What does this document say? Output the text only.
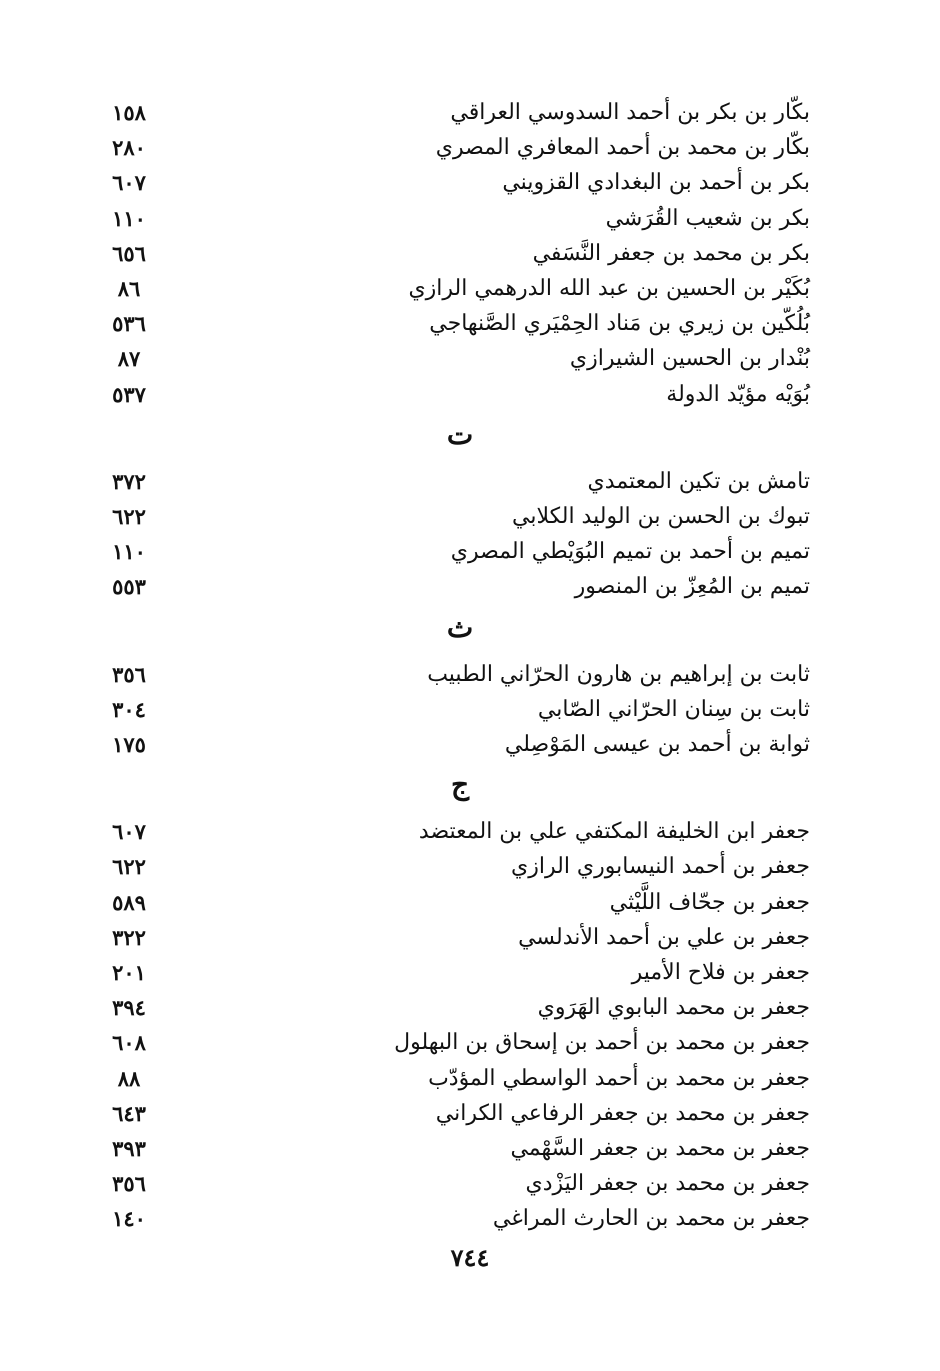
بكّار بن بكر بن أحمد السدوسي العراقي
١٥٨
بكّار بن محمد بن أحمد المعافري المصري
٢٨٠
بكر بن أحمد بن البغدادي القزويني
٦٠٧
بكر بن شعيب القُرَشي
١١٠
بكر بن محمد بن جعفر النَّسَفي
٦٥٦
بُكَيْر بن الحسين بن عبد الله الدرهمي الرازي
٨٦
بُلُكّين بن زيري بن مَناد الحِمْيَري الصَّنهاجي
٥٣٦
بُنْدار بن الحسين الشيرازي
٨٧
بُوَيْه مؤيّد الدولة
٥٣٧
ت
تامش بن تكين المعتمدي
٣٧٢
تبوك بن الحسن بن الوليد الكلابي
٦٢٢
تميم بن أحمد بن تميم البُوَيْطي المصري
١١٠
تميم بن المُعِزّ بن المنصور
٥٥٣
ث
ثابت بن إبراهيم بن هارون الحرّاني الطبيب
٣٥٦
ثابت بن سِنان الحرّاني الصّابي
٣٠٤
ثوابة بن أحمد بن عيسى المَوْصِلي
١٧٥
ج
جعفر ابن الخليفة المكتفي علي بن المعتضد
٦٠٧
جعفر بن أحمد النيسابوري الرازي
٦٢٢
جعفر بن جحّاف اللَّيْثي
٥٨٩
جعفر بن علي بن أحمد الأندلسي
٣٢٢
جعفر بن فلاح الأمير
٢٠١
جعفر بن محمد البابوي الهَرَوي
٣٩٤
جعفر بن محمد بن أحمد بن إسحاق بن البهلول
٦٠٨
جعفر بن محمد بن أحمد الواسطي المؤدّب
٨٨
جعفر بن محمد بن جعفر الرفاعي الكراني
٦٤٣
جعفر بن محمد بن جعفر السَّهْمي
٣٩٣
جعفر بن محمد بن جعفر اليَزْدي
٣٥٦
جعفر بن محمد بن الحارث المراغي
١٤٠
٧٤٤
